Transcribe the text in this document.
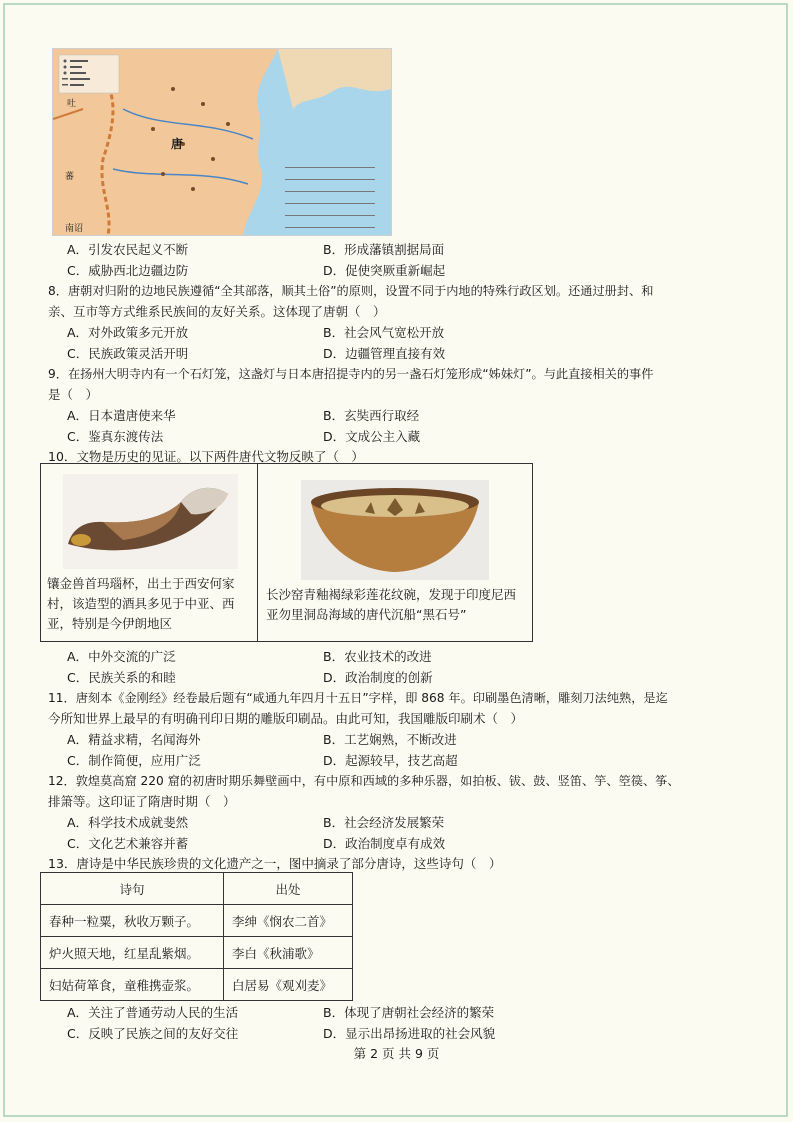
吐
蕃
南诏
唐
A．引发农民起义不断	B．形成藩镇割据局面
C．威胁西北边疆边防	D．促使突厥重新崛起
8．唐朝对归附的边地民族遵循“全其部落，顺其土俗”的原则，设置不同于内地的特殊行政区划。还通过册封、和
亲、互市等方式维系民族间的友好关系。这体现了唐朝（　）
A．对外政策多元开放	B．社会风气宽松开放
C．民族政策灵活开明	D．边疆管理直接有效
9．在扬州大明寺内有一个石灯笼，这盏灯与日本唐招提寺内的另一盏石灯笼形成“姊妹灯”。与此直接相关的事件
是（　）
A．日本遣唐使来华	B．玄奘西行取经
C．鉴真东渡传法	D．文成公主入藏
10．文物是历史的见证。以下两件唐代文物反映了（　）
镶金兽首玛瑙杯，出土于西安何家村，该造型的酒具多见于中亚、西亚，特别是今伊朗地区
长沙窑青釉褐绿彩莲花纹碗，发现于印度尼西亚勿里洞岛海域的唐代沉船“黑石号”
A．中外交流的广泛	B．农业技术的改进
C．民族关系的和睦	D．政治制度的创新
11．唐刻本《金刚经》经卷最后题有“咸通九年四月十五日”字样，即 868 年。印刷墨色清晰，雕刻刀法纯熟，是迄
今所知世界上最早的有明确刊印日期的雕版印刷品。由此可知，我国雕版印刷术（　）
A．精益求精，名闻海外	B．工艺娴熟，不断改进
C．制作简便，应用广泛	D．起源较早，技艺高超
12．敦煌莫高窟 220 窟的初唐时期乐舞壁画中，有中原和西域的多种乐器，如拍板、钹、鼓、竖笛、竽、箜篌、筝、
排箫等。这印证了隋唐时期（　）
A．科学技术成就斐然	B．社会经济发展繁荣
C．文化艺术兼容并蓄	D．政治制度卓有成效
13．唐诗是中华民族珍贵的文化遗产之一，图中摘录了部分唐诗，这些诗句（　）
诗句	出处
春种一粒粟，秋收万颗子。	李绅《悯农二首》
炉火照天地，红星乱紫烟。	李白《秋浦歌》
妇姑荷箪食，童稚携壶浆。	白居易《观刈麦》
A．关注了普通劳动人民的生活	B．体现了唐朝社会经济的繁荣
C．反映了民族之间的友好交往	D．显示出昂扬进取的社会风貌
第 2 页 共 9 页
